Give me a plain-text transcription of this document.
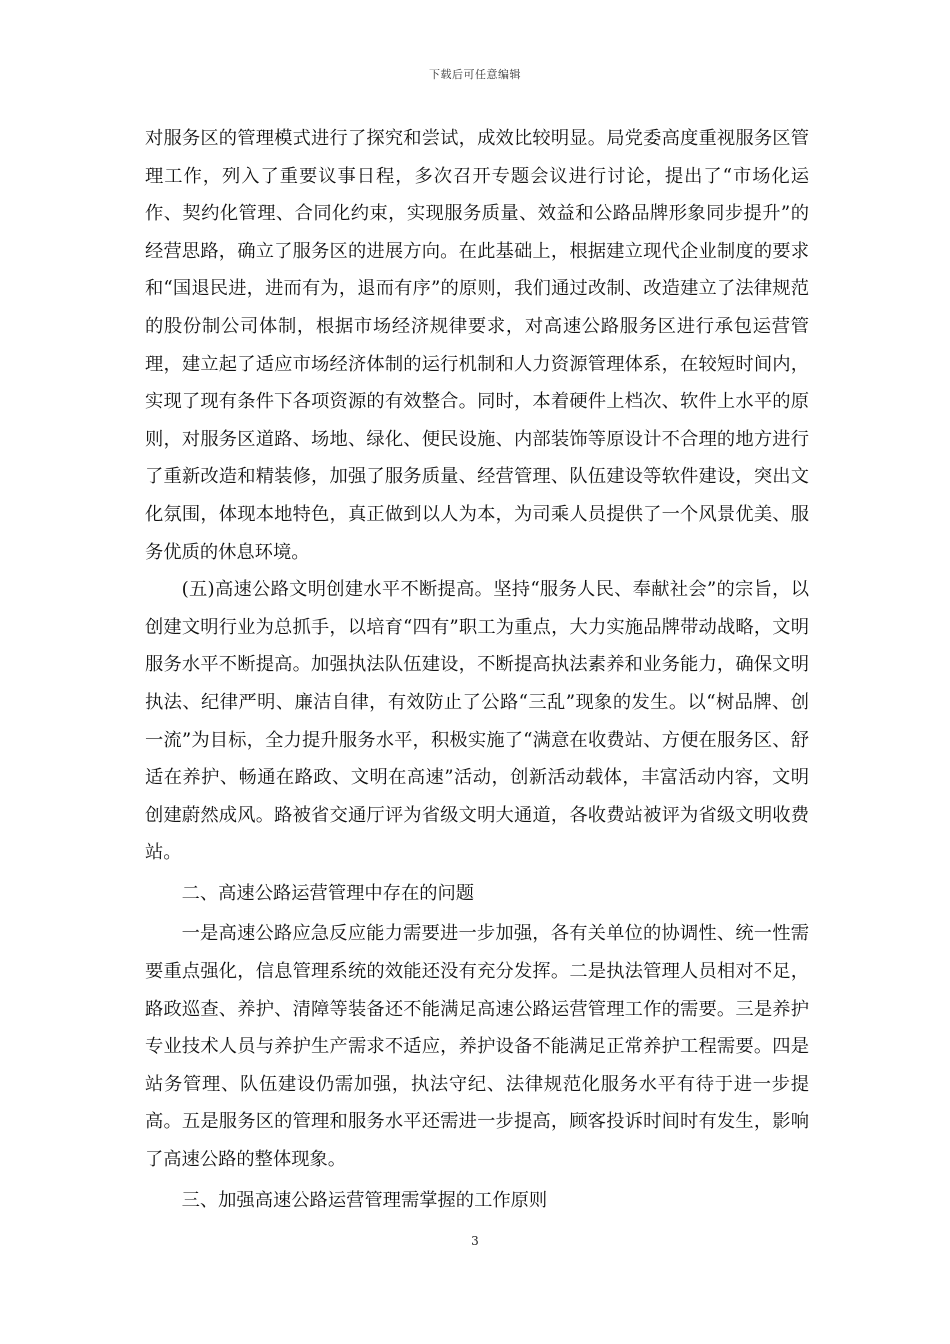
下载后可任意编辑

对服务区的管理模式进行了探究和尝试，成效比较明显。局党委高度重视服务区管理工作，列入了重要议事日程，多次召开专题会议进行讨论，提出了“市场化运作、契约化管理、合同化约束，实现服务质量、效益和公路品牌形象同步提升”的经营思路，确立了服务区的进展方向。在此基础上，根据建立现代企业制度的要求和“国退民进，进而有为，退而有序”的原则，我们通过改制、改造建立了法律规范的股份制公司体制，根据市场经济规律要求，对高速公路服务区进行承包运营管理，建立起了适应市场经济体制的运行机制和人力资源管理体系，在较短时间内，实现了现有条件下各项资源的有效整合。同时，本着硬件上档次、软件上水平的原则，对服务区道路、场地、绿化、便民设施、内部装饰等原设计不合理的地方进行了重新改造和精装修，加强了服务质量、经营管理、队伍建设等软件建设，突出文化氛围，体现本地特色，真正做到以人为本，为司乘人员提供了一个风景优美、服务优质的休息环境。

(五)高速公路文明创建水平不断提高。坚持“服务人民、奉献社会”的宗旨，以创建文明行业为总抓手，以培育“四有”职工为重点，大力实施品牌带动战略，文明服务水平不断提高。加强执法队伍建设，不断提高执法素养和业务能力，确保文明执法、纪律严明、廉洁自律，有效防止了公路“三乱”现象的发生。以“树品牌、创一流”为目标，全力提升服务水平，积极实施了“满意在收费站、方便在服务区、舒适在养护、畅通在路政、文明在高速”活动，创新活动载体，丰富活动内容，文明创建蔚然成风。路被省交通厅评为省级文明大通道，各收费站被评为省级文明收费站。

二、高速公路运营管理中存在的问题

一是高速公路应急反应能力需要进一步加强，各有关单位的协调性、统一性需要重点强化，信息管理系统的效能还没有充分发挥。二是执法管理人员相对不足，路政巡查、养护、清障等装备还不能满足高速公路运营管理工作的需要。三是养护专业技术人员与养护生产需求不适应，养护设备不能满足正常养护工程需要。四是站务管理、队伍建设仍需加强，执法守纪、法律规范化服务水平有待于进一步提高。五是服务区的管理和服务水平还需进一步提高，顾客投诉时间时有发生，影响了高速公路的整体现象。

三、加强高速公路运营管理需掌握的工作原则

3
